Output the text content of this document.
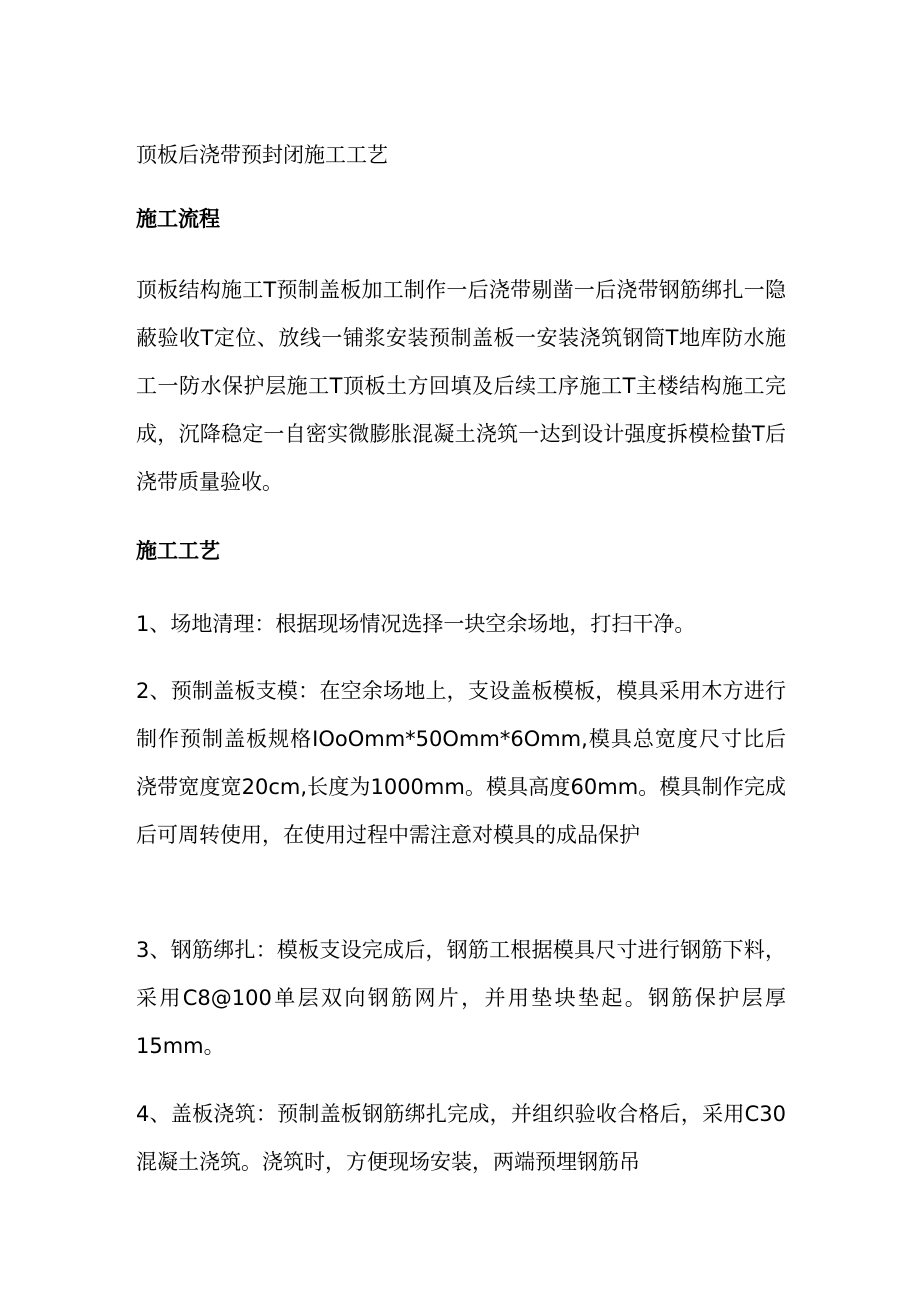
顶板后浇带预封闭施工工艺
施工流程

顶板结构施工T预制盖板加工制作一后浇带剔凿一后浇带钢筋绑扎一隐蔽验收T定位、放线一铺浆安装预制盖板一安装浇筑钢筒T地库防水施工一防水保护层施工T顶板土方回填及后续工序施工T主楼结构施工完成，沉降稳定一自密实微膨胀混凝土浇筑一达到设计强度拆模检蛰T后浇带质量验收。

施工工艺

1、场地清理：根据现场情况选择一块空余场地，打扫干净。

2、预制盖板支模：在空余场地上，支设盖板模板，模具采用木方进行制作预制盖板规格IOoOmm*50Omm*6Omm,模具总宽度尺寸比后浇带宽度宽20cm,长度为1000mm。模具高度60mm。模具制作完成后可周转使用，在使用过程中需注意对模具的成品保护

3、钢筋绑扎：模板支设完成后，钢筋工根据模具尺寸进行钢筋下料，采用C8@100单层双向钢筋网片，并用垫块垫起。钢筋保护层厚15mm。

4、盖板浇筑：预制盖板钢筋绑扎完成，并组织验收合格后，采用C30混凝土浇筑。浇筑时，方便现场安装，两端预埋钢筋吊
